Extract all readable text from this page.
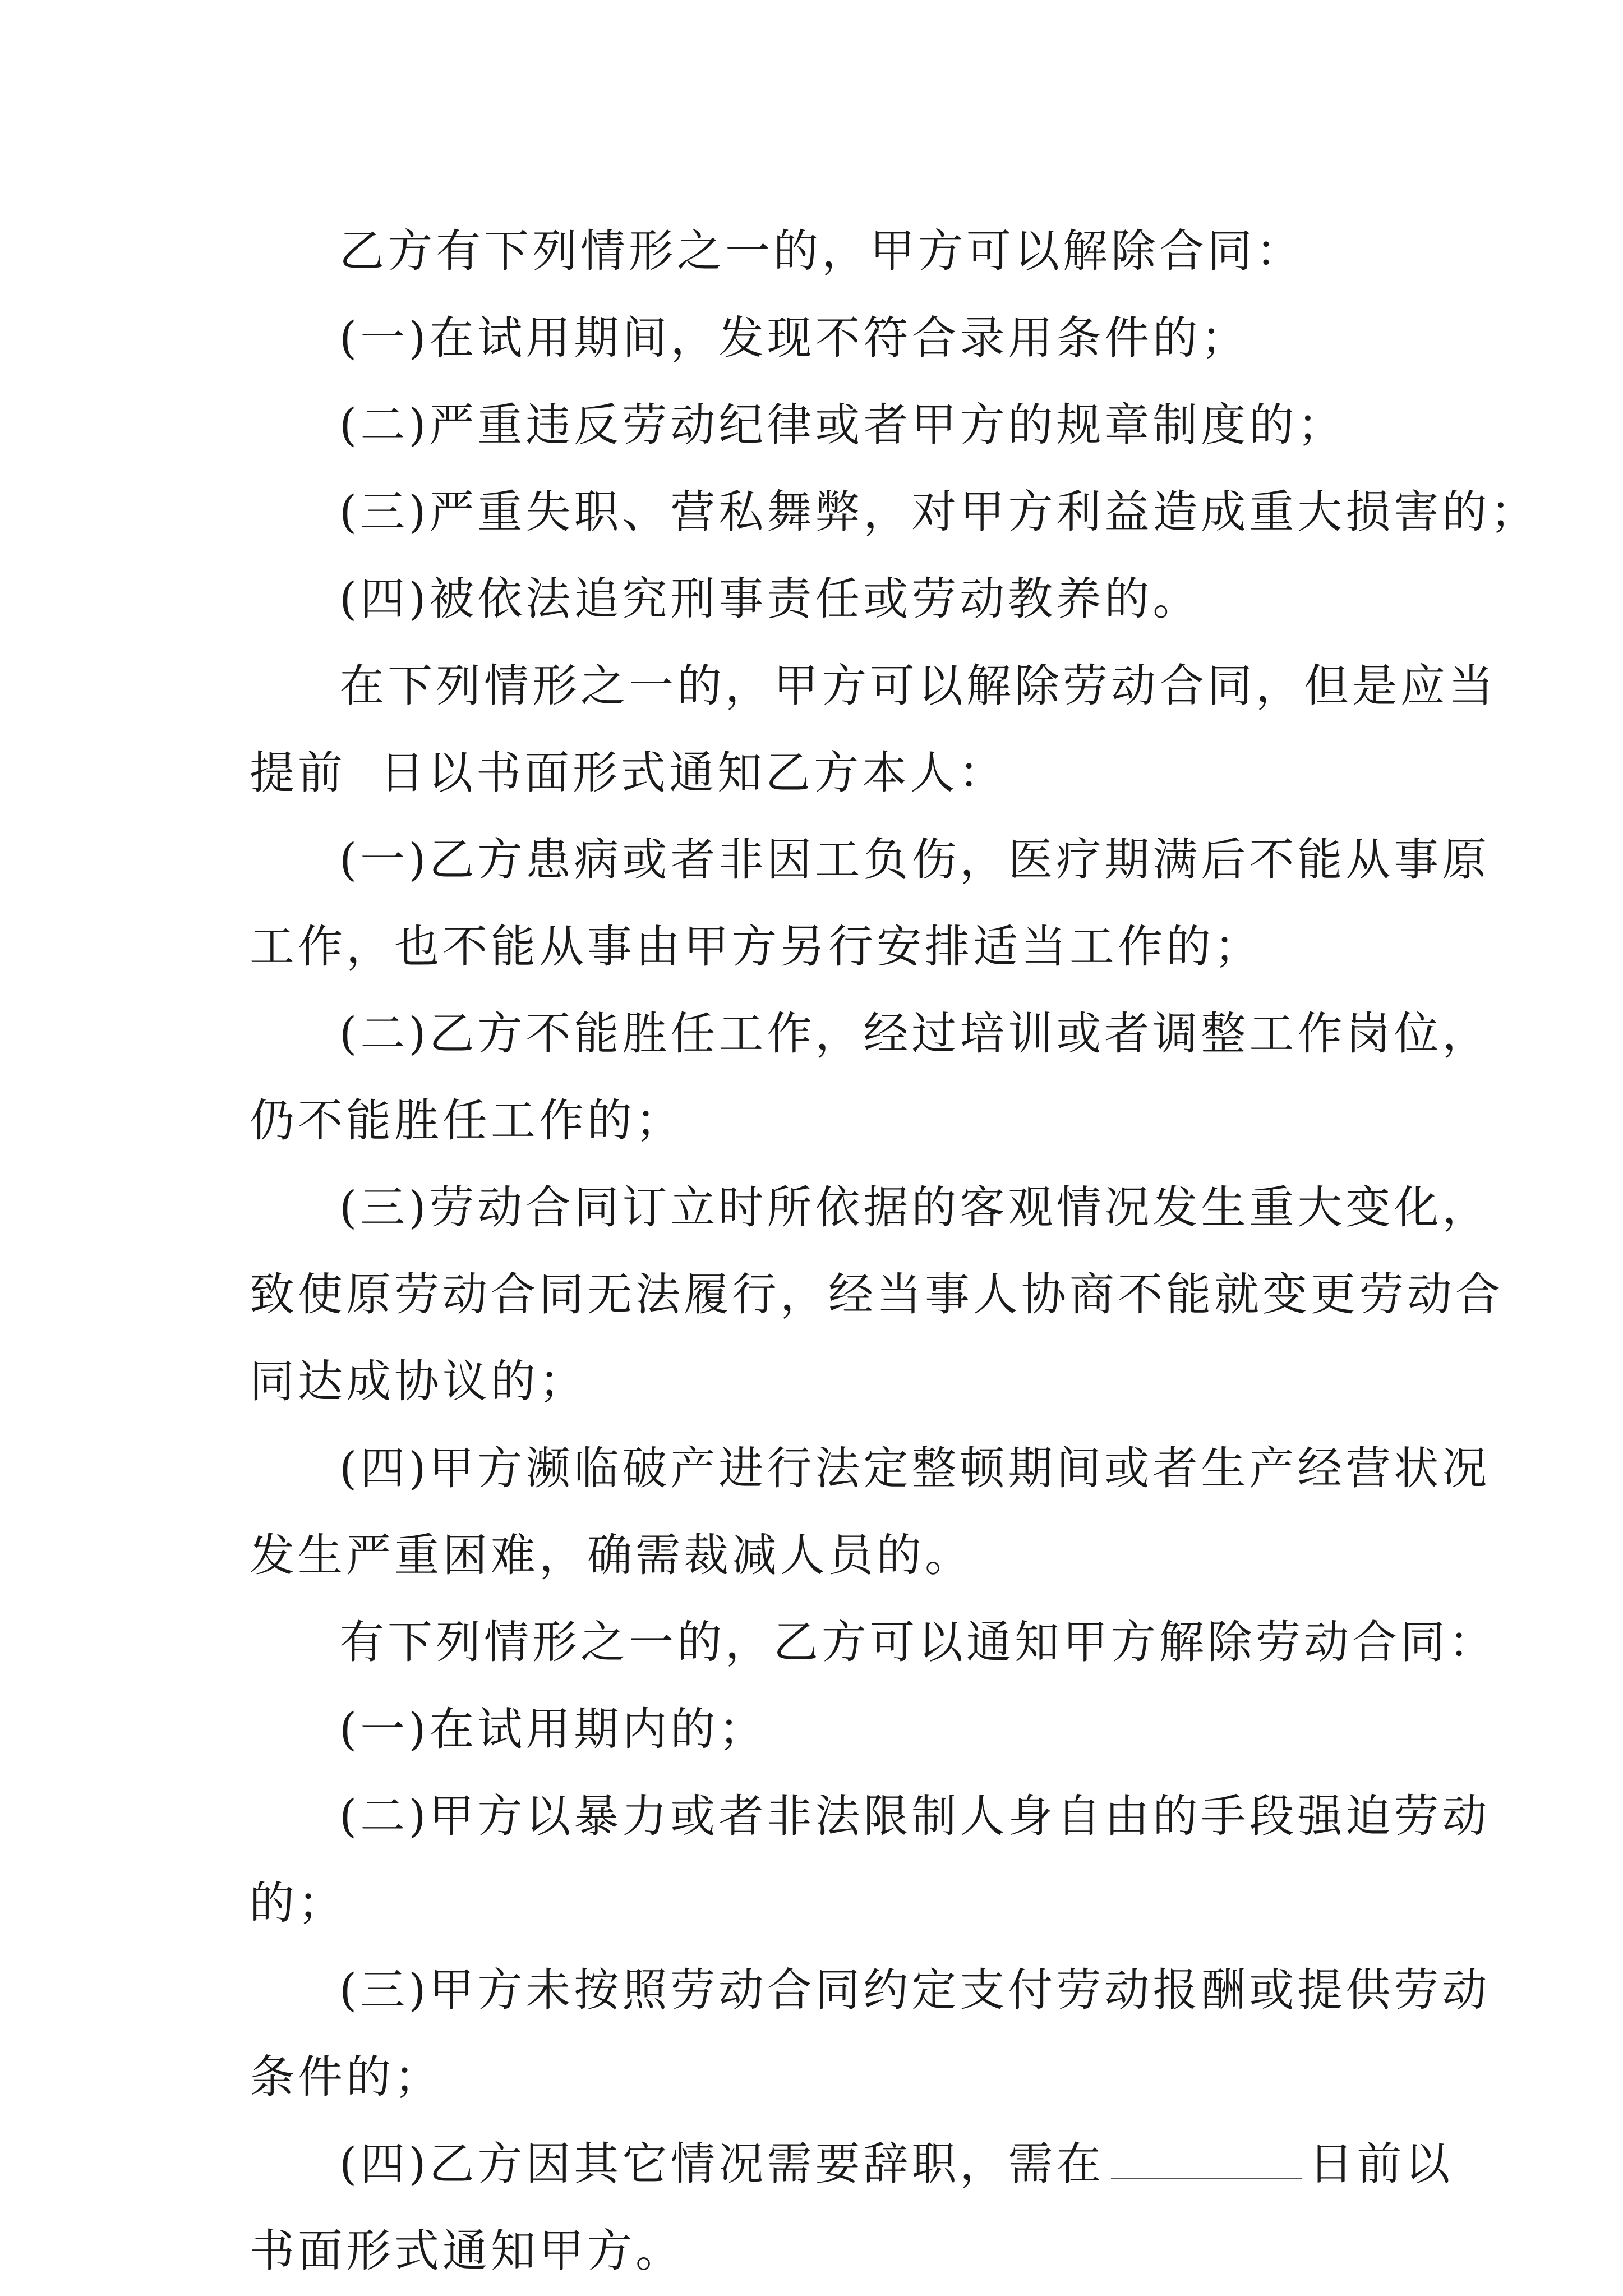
乙方有下列情形之一的，甲方可以解除合同：

(一)在试用期间，发现不符合录用条件的；

(二)严重违反劳动纪律或者甲方的规章制度的；

(三)严重失职、营私舞弊，对甲方利益造成重大损害的；

(四)被依法追究刑事责任或劳动教养的。

在下列情形之一的，甲方可以解除劳动合同，但是应当

提前 日以书面形式通知乙方本人：

(一)乙方患病或者非因工负伤，医疗期满后不能从事原

工作，也不能从事由甲方另行安排适当工作的；

(二)乙方不能胜任工作，经过培训或者调整工作岗位，

仍不能胜任工作的；

(三)劳动合同订立时所依据的客观情况发生重大变化，

致使原劳动合同无法履行，经当事人协商不能就变更劳动合

同达成协议的；

(四)甲方濒临破产进行法定整顿期间或者生产经营状况

发生严重困难，确需裁减人员的。

有下列情形之一的，乙方可以通知甲方解除劳动合同：

(一)在试用期内的；

(二)甲方以暴力或者非法限制人身自由的手段强迫劳动

的；

(三)甲方未按照劳动合同约定支付劳动报酬或提供劳动

条件的；

(四)乙方因其它情况需要辞职，需在	日前以

书面形式通知甲方。
